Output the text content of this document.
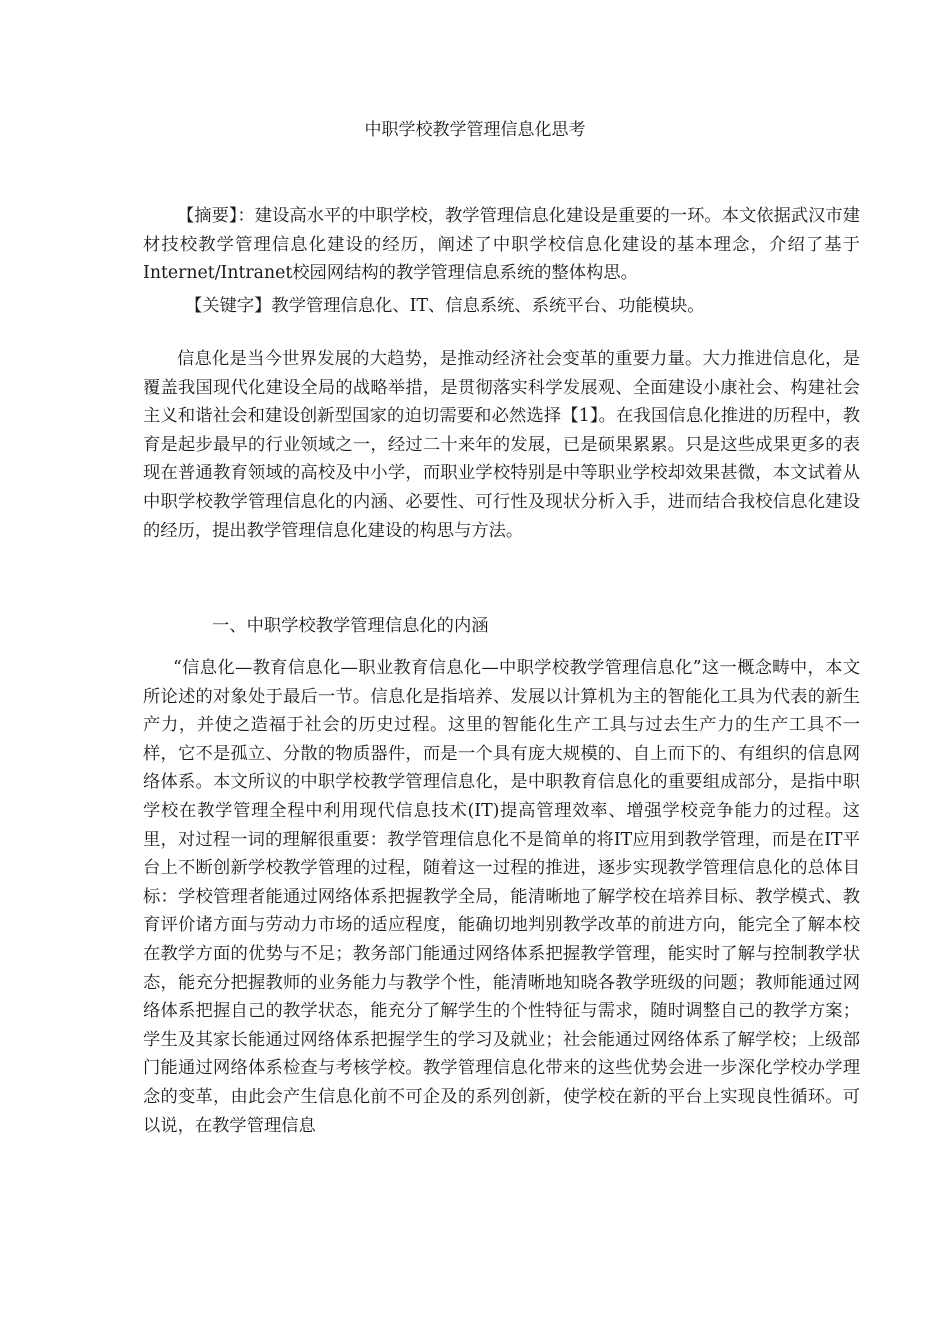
中职学校教学管理信息化思考

【摘要】：建设高水平的中职学校，教学管理信息化建设是重要的一环。本文依据武汉市建材技校教学管理信息化建设的经历，阐述了中职学校信息化建设的基本理念，介绍了基于Internet/Intranet校园网结构的教学管理信息系统的整体构思。

【关键字】教学管理信息化、IT、信息系统、系统平台、功能模块。

信息化是当今世界发展的大趋势，是推动经济社会变革的重要力量。大力推进信息化，是覆盖我国现代化建设全局的战略举措，是贯彻落实科学发展观、全面建设小康社会、构建社会主义和谐社会和建设创新型国家的迫切需要和必然选择【1】。在我国信息化推进的历程中，教育是起步最早的行业领域之一，经过二十来年的发展，已是硕果累累。只是这些成果更多的表现在普通教育领域的高校及中小学，而职业学校特别是中等职业学校却效果甚微，本文试着从中职学校教学管理信息化的内涵、必要性、可行性及现状分析入手，进而结合我校信息化建设的经历，提出教学管理信息化建设的构思与方法。

一、中职学校教学管理信息化的内涵

“信息化—教育信息化—职业教育信息化—中职学校教学管理信息化”这一概念畴中，本文所论述的对象处于最后一节。信息化是指培养、发展以计算机为主的智能化工具为代表的新生产力，并使之造福于社会的历史过程。这里的智能化生产工具与过去生产力的生产工具不一样，它不是孤立、分散的物质器件，而是一个具有庞大规模的、自上而下的、有组织的信息网络体系。本文所议的中职学校教学管理信息化，是中职教育信息化的重要组成部分，是指中职学校在教学管理全程中利用现代信息技术(IT)提高管理效率、增强学校竞争能力的过程。这里，对过程一词的理解很重要：教学管理信息化不是简单的将IT应用到教学管理，而是在IT平台上不断创新学校教学管理的过程，随着这一过程的推进，逐步实现教学管理信息化的总体目标：学校管理者能通过网络体系把握教学全局，能清晰地了解学校在培养目标、教学模式、教育评价诸方面与劳动力市场的适应程度，能确切地判别教学改革的前进方向，能完全了解本校在教学方面的优势与不足；教务部门能通过网络体系把握教学管理，能实时了解与控制教学状态，能充分把握教师的业务能力与教学个性，能清晰地知晓各教学班级的问题；教师能通过网络体系把握自己的教学状态，能充分了解学生的个性特征与需求，随时调整自己的教学方案；学生及其家长能通过网络体系把握学生的学习及就业；社会能通过网络体系了解学校；上级部门能通过网络体系检查与考核学校。教学管理信息化带来的这些优势会进一步深化学校办学理念的变革，由此会产生信息化前不可企及的系列创新，使学校在新的平台上实现良性循环。可以说，在教学管理信息
